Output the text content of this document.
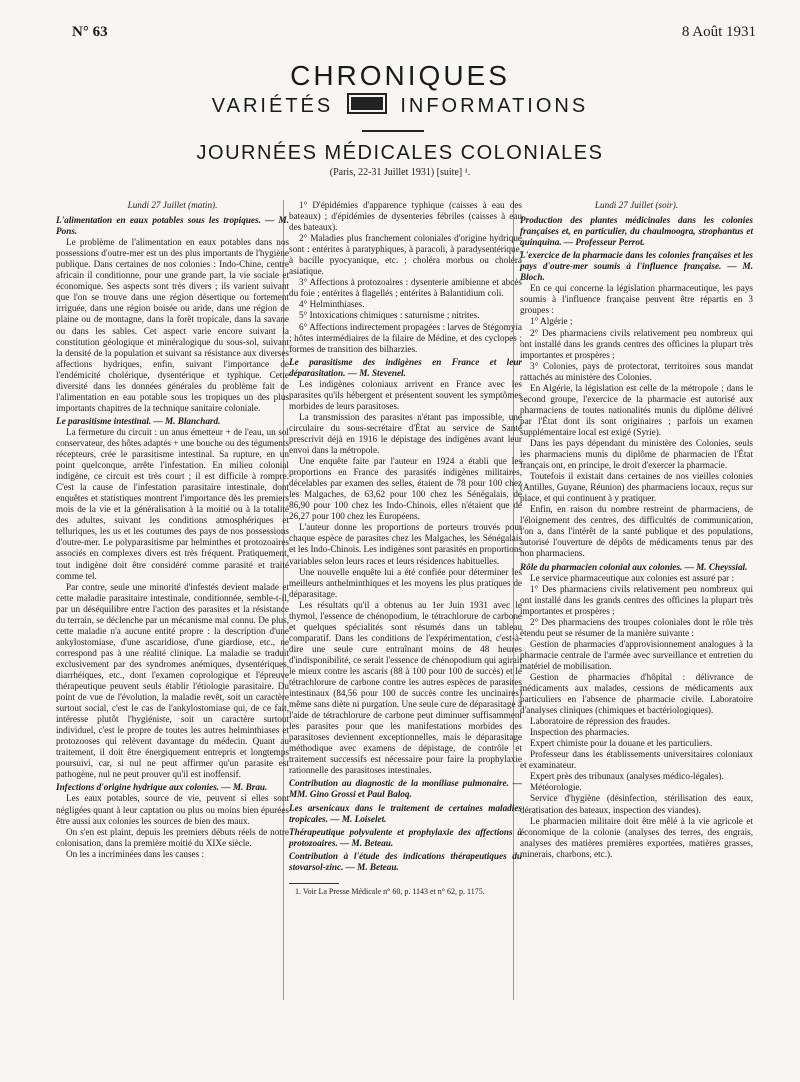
N° 63	8 Août 1931
CHRONIQUES
VARIÉTÉS	INFORMATIONS
JOURNÉES MÉDICALES COLONIALES
(Paris, 22-31 Juillet 1931) [suite] ¹.

Lundi 27 Juillet (matin).

L'alimentation en eaux potables sous les tropiques. — M. Pons.

Le problème de l'alimentation en eaux potables dans nos possessions d'outre-mer est un des plus importants de l'hygiène publique. Dans certaines de nos colonies : Indo-Chine, centre africain il conditionne, pour une grande part, la vie sociale et économique. Ses aspects sont très divers ; ils varient suivant que l'on se trouve dans une région désertique ou fortement irriguée, dans une région boisée ou aride, dans une région de plaine ou de montagne, dans la forêt tropicale, dans la savane ou dans les sables. Cet aspect varie encore suivant la constitution géologique et minéralogique du sous-sol, suivant la densité de la population et suivant sa résistance aux diverses affections hydriques, enfin, suivant l'importance de l'endémicité cholérique, dysentérique et typhique. Cette diversité dans les données générales du problème fait de l'alimentation en eau potable sous les tropiques un des plus importants chapitres de la technique sanitaire coloniale.

Le parasitisme intestinal. — M. Blanchard.

La fermeture du circuit : un anus émetteur + de l'eau, un sol conservateur, des hôtes adaptés + une bouche ou des téguments récepteurs, crée le parasitisme intestinal. Sa rupture, en un point quelconque, arrête l'infestation. En milieu colonial indigène, ce circuit est très court ; il est difficile à rompre. C'est la cause de l'infestation parasitaire intestinale, dont enquêtes et statistiques montrent l'importance dès les premiers mois de la vie et la généralisation à la moitié ou à la totalité des adultes, suivant les conditions atmosphériques et telluriques, les us et les coutumes des pays de nos possessions d'outre-mer. Le polyparasitisme par helminthes et protozoaires associés en complexes divers est très fréquent. Pratiquement, tout indigène doit être considéré comme parasité et traité comme tel.

Par contre, seule une minorité d'infestés devient malade et cette maladie parasitaire intestinale, conditionnée, semble-t-il, par un déséquilibre entre l'action des parasites et la résistance du terrain, se déclenche par un mécanisme mal connu. De plus, cette maladie n'a aucune entité propre : la description d'une ankylostomiase, d'une ascaridiose, d'une giardiose, etc., ne correspond pas à une réalité clinique. La maladie se traduit exclusivement par des syndromes anémiques, dysentériques, diarrhéiques, etc., dont l'examen coprologique et l'épreuve thérapeutique peuvent seuls établir l'étiologie parasitaire. Du point de vue de l'évolution, la maladie revêt, soit un caractère surtout social, c'est le cas de l'ankylostomiase qui, de ce fait, intéresse plutôt l'hygiéniste, soit un caractère surtout individuel, c'est le propre de toutes les autres helminthiases et protozooses qui relèvent davantage du médecin. Quant au traitement, il doit être énergiquement entrepris et longtemps poursuivi, car, si nul ne peut affirmer qu'un parasite est pathogène, nul ne peut prouver qu'il est inoffensif.

Infections d'origine hydrique aux colonies. — M. Brau.

Les eaux potables, source de vie, peuvent si elles sont négligées quant à leur captation ou plus ou moins bien épurées être aussi aux colonies les sources de bien des maux.

On s'en est plaint, depuis les premiers débuts réels de notre colonisation, dans la première moitié du XIXe siècle.

On les a incriminées dans les causes :

1° D'épidémies d'apparence typhique (caisses à eau des bateaux) ; d'épidémies de dysenteries fébriles (caisses à eau des bateaux).

2° Maladies plus franchement coloniales d'origine hydrique sont : entérites à paratyphiques, à paracoli, à paradysentérique, à bacille pyocyanique, etc. ; choléra morbus ou choléra asiatique.

3° Affections à protozoaires : dysenterie amibienne et abcès du foie ; entérites à flagellés ; entérites à Balantidium coli.

4° Helminthiases.

5° Intoxications chimiques : saturnisme ; nitrites.

6° Affections indirectement propagées : larves de Stégomyia ; hôtes intermédiaires de la filaire de Médine, et des cyclopes ; formes de transition des bilharzies.

Le parasitisme des indigènes en France et leur déparasitation. — M. Stevenel.

Les indigènes coloniaux arrivent en France avec les parasites qu'ils hébergent et présentent souvent les symptômes morbides de leurs parasitoses.

La transmission des parasites n'étant pas impossible, une circulaire du sous-secrétaire d'État au service de Santé prescrivit déjà en 1916 le dépistage des indigènes avant leur envoi dans la métropole.

Une enquête faite par l'auteur en 1924 a établi que les proportions en France des parasités indigènes militaires, décelables par examen des selles, étaient de 78 pour 100 chez les Malgaches, de 63,62 pour 100 chez les Sénégalais, de 86,90 pour 100 chez les Indo-Chinois, elles n'étaient que de 26,27 pour 100 chez les Européens.

L'auteur donne les proportions de porteurs trouvés pour chaque espèce de parasites chez les Malgaches, les Sénégalais et les Indo-Chinois. Les indigènes sont parasités en proportions variables selon leurs races et leurs résidences habituelles.

Une nouvelle enquête lui a été confiée pour déterminer les meilleurs anthelminthiques et les moyens les plus pratiques de déparasitage.

Les résultats qu'il a obtenus au 1er Juin 1931 avec le thymol, l'essence de chénopodium, le tétrachlorure de carbone et quelques spécialités sont résumés dans un tableau comparatif. Dans les conditions de l'expérimentation, c'est-à-dire une seule cure entraînant moins de 48 heures d'indisponibilité, ce serait l'essence de chénopodium qui agirait le mieux contre les ascaris (88 à 100 pour 100 de succès) et le tétrachlorure de carbone contre les autres espèces de parasites intestinaux (84,56 pour 100 de succès contre les uncinaires) même sans diète ni purgation. Une seule cure de déparasitage à l'aide de tétrachlorure de carbone peut diminuer suffisamment les parasites pour que les manifestations morbides des parasitoses deviennent exceptionnelles, mais le déparasitage méthodique avec examens de dépistage, de contrôle et traitement successifs est nécessaire pour faire la prophylaxie rationnelle des parasitoses intestinales.

Contribution au diagnostic de la moniliase pulmonaire. — MM. Gino Grossi et Paul Baloq.

Les arsenicaux dans le traitement de certaines maladies tropicales. — M. Loiselet.

Thérapeutique polyvalente et prophylaxie des affections à protozoaires. — M. Beteau.

Contribution à l'étude des indications thérapeutiques du stovarsol-zinc. — M. Beteau.

1. Voir La Presse Médicale n° 60, p. 1143 et n° 62, p. 1175.

Lundi 27 Juillet (soir).

Production des plantes médicinales dans les colonies françaises et, en particulier, du chaulmoogra, strophantus et quinquina. — Professeur Perrot.

L'exercice de la pharmacie dans les colonies françaises et les pays d'outre-mer soumis à l'influence française. — M. Bloch.

En ce qui concerne la législation pharmaceutique, les pays soumis à l'influence française peuvent être répartis en 3 groupes :

1° Algérie ;

2° Des pharmaciens civils relativement peu nombreux qui ont installé dans les grands centres des officines la plupart très importantes et prospères ;

3° Colonies, pays de protectorat, territoires sous mandat rattachés au ministère des Colonies.

En Algérie, la législation est celle de la métropole ; dans le second groupe, l'exercice de la pharmacie est autorisé aux pharmaciens de toutes nationalités munis du diplôme délivré par l'État dont ils sont originaires ; parfois un examen supplémentaire local est exigé (Syrie).

Dans les pays dépendant du ministère des Colonies, seuls les pharmaciens munis du diplôme de pharmacien de l'État français ont, en principe, le droit d'exercer la pharmacie.

Toutefois il existait dans certaines de nos vieilles colonies (Antilles, Guyane, Réunion) des pharmaciens locaux, reçus sur place, et qui continuent à y pratiquer.

Enfin, en raison du nombre restreint de pharmaciens, de l'éloignement des centres, des difficultés de communication, l'on a, dans l'intérêt de la santé publique et des populations, autorisé l'ouverture de dépôts de médicaments tenus par des non pharmaciens.

Rôle du pharmacien colonial aux colonies. — M. Cheyssial.

Le service pharmaceutique aux colonies est assuré par :

1° Des pharmaciens civils relativement peu nombreux qui ont installé dans les grands centres des officines la plupart très importantes et prospères ;

2° Des pharmaciens des troupes coloniales dont le rôle très étendu peut se résumer de la manière suivante :

Gestion de pharmacies d'approvisionnement analogues à la pharmacie centrale de l'armée avec surveillance et entretien du matériel de mobilisation.

Gestion de pharmacies d'hôpital : délivrance de médicaments aux malades, cessions de médicaments aux particuliers en l'absence de pharmacie civile. Laboratoire d'analyses cliniques (chimiques et bactériologiques).

Laboratoire de répression des fraudes.

Inspection des pharmacies.

Expert chimiste pour la douane et les particuliers.

Professeur dans les établissements universitaires coloniaux et examinateur.

Expert près des tribunaux (analyses médico-légales).

Météorologie.

Service d'hygiène (désinfection, stérilisation des eaux, dératisation des bateaux, inspection des viandes).

Le pharmacien militaire doit être mêlé à la vie agricole et économique de la colonie (analyses des terres, des engrais, analyses des matières premières exportées, matières grasses, minerais, charbons, etc.).
